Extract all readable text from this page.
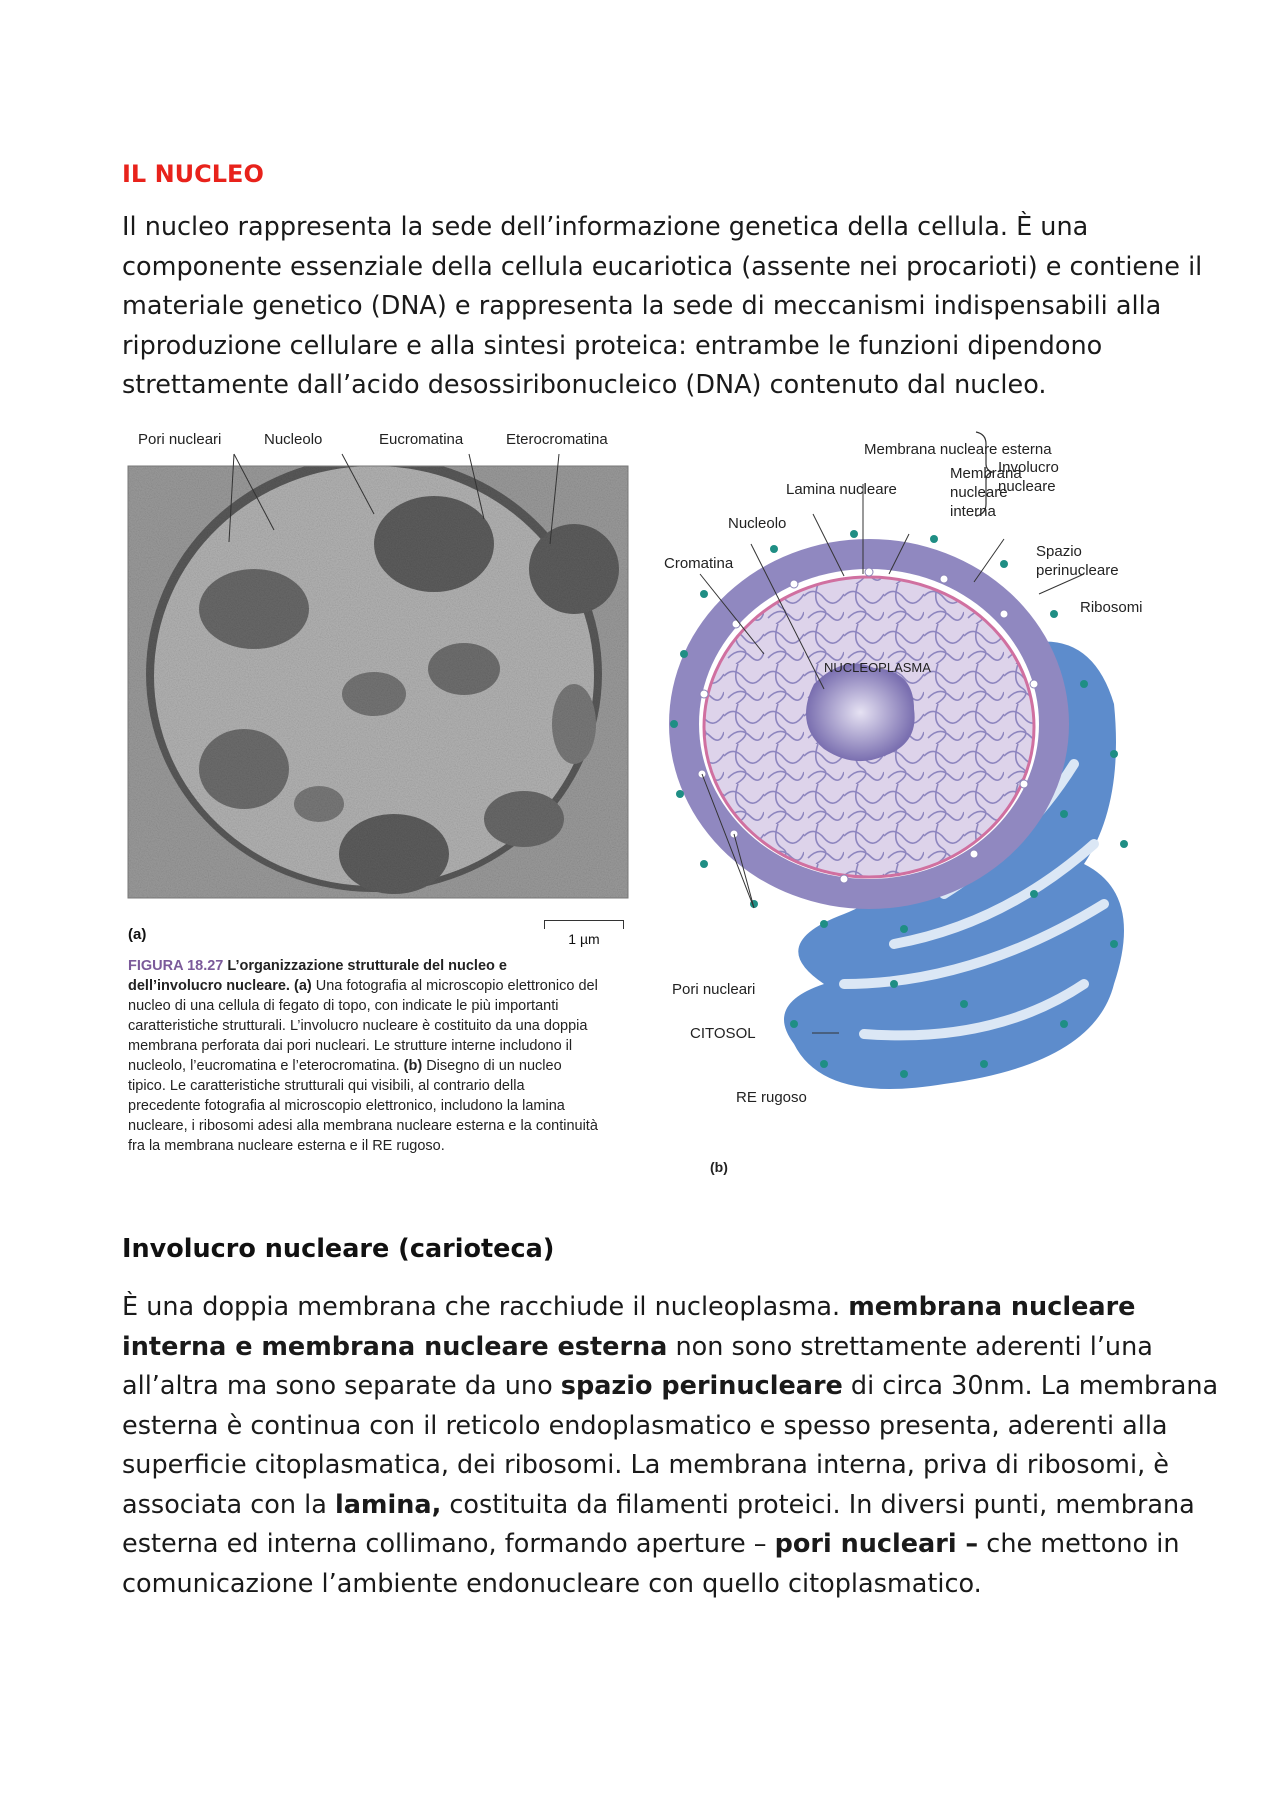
IL NUCLEO
Il nucleo rappresenta la sede dell’informazione genetica della cellula. È una
componente essenziale della cellula eucariotica (assente nei procarioti) e contiene il
materiale genetico (DNA) e rappresenta la sede di meccanismi indispensabili alla
riproduzione cellulare e alla sintesi proteica: entrambe le funzioni dipendono
strettamente dall’acido desossiribonucleico (DNA) contenuto dal nucleo.
Pori nucleari	Nucleolo	Eucromatina	Eterocromatina
(a)	1 µm
FIGURA 18.27 L’organizzazione strutturale del nucleo e dell’involucro nucleare. (a) Una fotografia al microscopio elettronico del nucleo di una cellula di fegato di topo, con indicate le più importanti caratteristiche strutturali. L’involucro nucleare è costituito da una doppia membrana perforata dai pori nucleari. Le strutture interne includono il nucleolo, l’eucromatina e l’eterocromatina. (b) Disegno di un nucleo tipico. Le caratteristiche strutturali qui visibili, al contrario della precedente fotografia al microscopio elettronico, includono la lamina nucleare, i ribosomi adesi alla membrana nucleare esterna e la continuità fra la membrana nucleare esterna e il RE rugoso.
Membrana nucleare esterna
Involucro nucleare
Lamina nucleare
Membrana nucleare interna
Nucleolo
Cromatina
Spazio perinucleare
Ribosomi
NUCLEOPLASMA
Pori nucleari
CITOSOL
RE rugoso
(b)
Involucro nucleare (carioteca)
È una doppia membrana che racchiude il nucleoplasma. membrana nucleare
interna e membrana nucleare esterna non sono strettamente aderenti l’una
all’altra ma sono separate da uno spazio perinucleare di circa 30nm. La membrana
esterna è continua con il reticolo endoplasmatico e spesso presenta, aderenti alla
superficie citoplasmatica, dei ribosomi. La membrana interna, priva di ribosomi, è
associata con la lamina, costituita da filamenti proteici. In diversi punti, membrana
esterna ed interna collimano, formando aperture – pori nucleari – che mettono in
comunicazione l’ambiente endonucleare con quello citoplasmatico.
